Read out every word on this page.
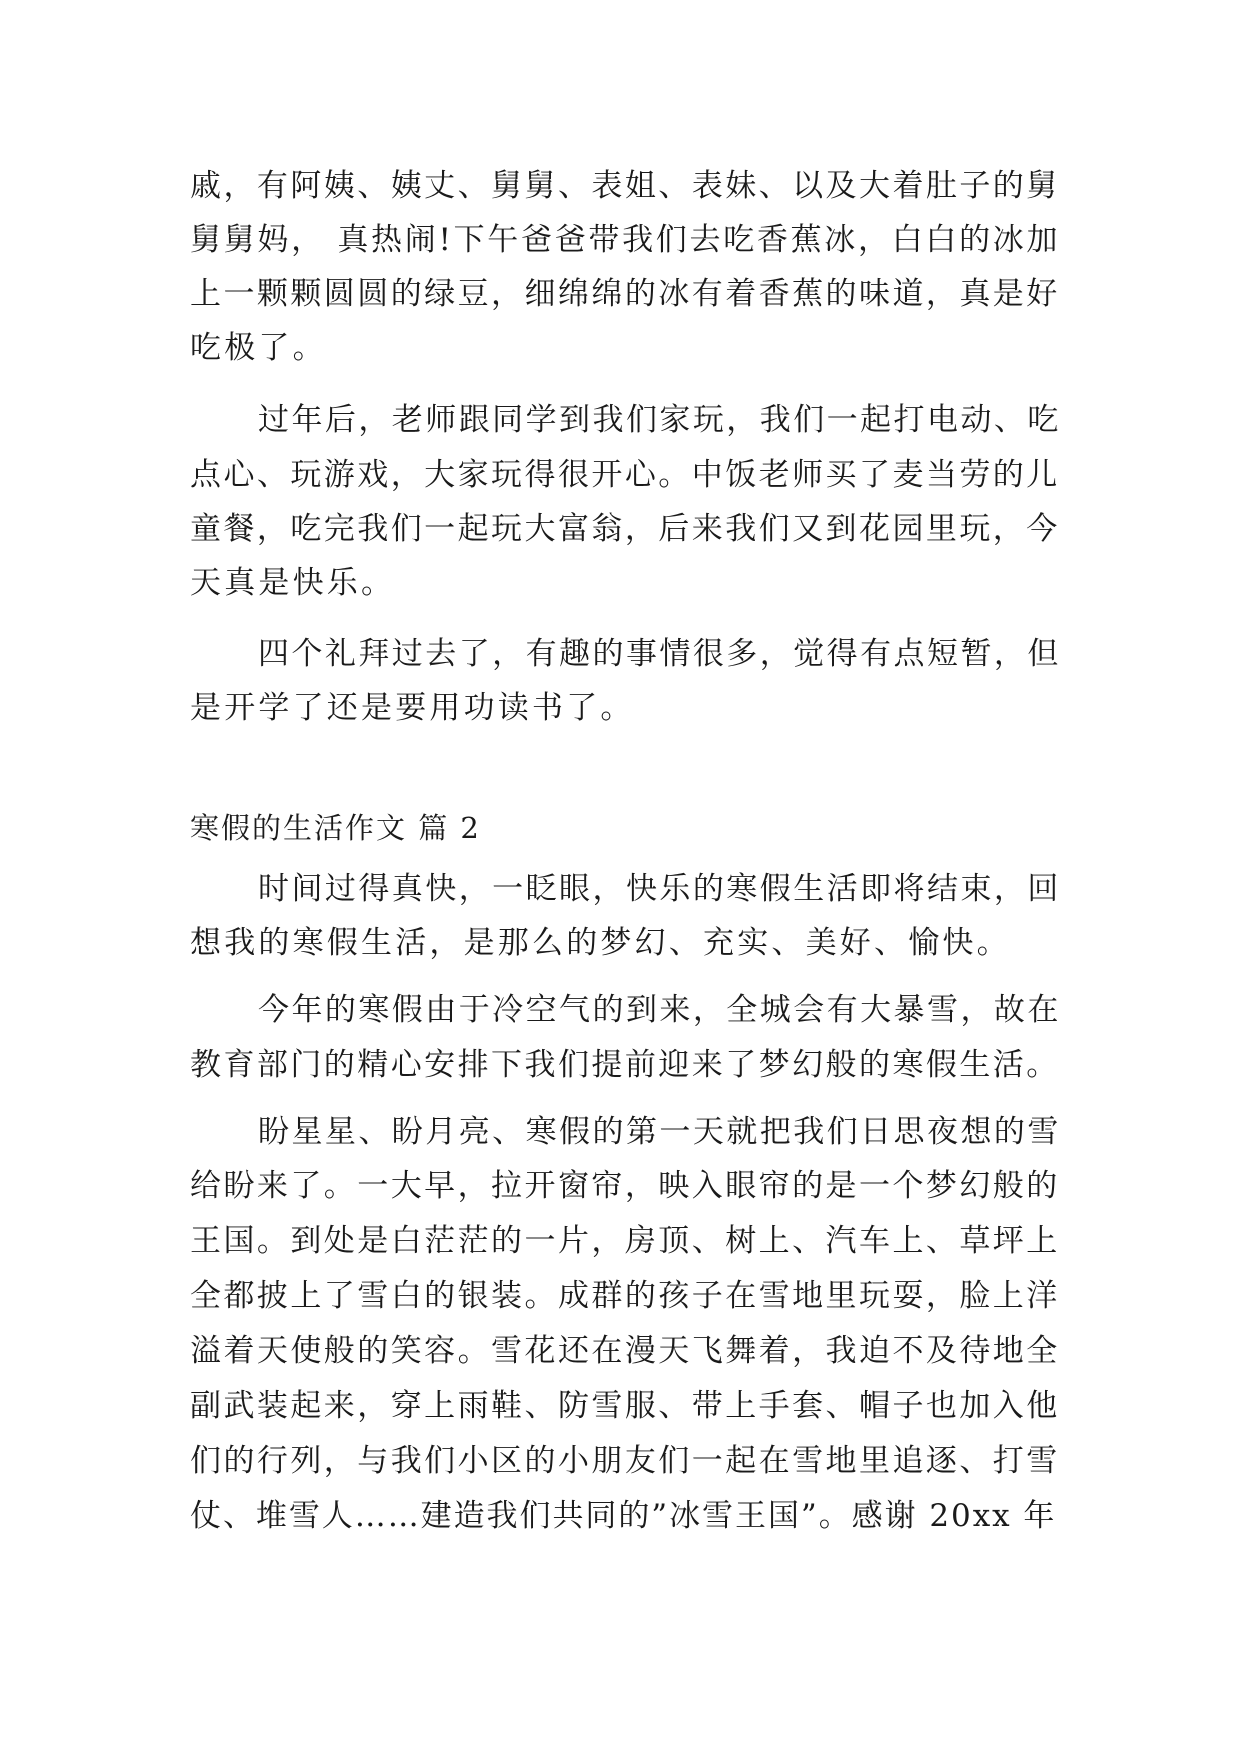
戚，有阿姨、姨丈、舅舅、表姐、表妹、以及大着肚子的舅
舅舅妈， 真热闹!下午爸爸带我们去吃香蕉冰，白白的冰加
上一颗颗圆圆的绿豆，细绵绵的冰有着香蕉的味道，真是好
吃极了。
过年后，老师跟同学到我们家玩，我们一起打电动、吃
点心、玩游戏，大家玩得很开心。中饭老师买了麦当劳的儿
童餐，吃完我们一起玩大富翁，后来我们又到花园里玩，今
天真是快乐。
四个礼拜过去了，有趣的事情很多，觉得有点短暂，但
是开学了还是要用功读书了。
寒假的生活作文 篇 2
时间过得真快，一眨眼，快乐的寒假生活即将结束，回
想我的寒假生活，是那么的梦幻、充实、美好、愉快。
今年的寒假由于冷空气的到来，全城会有大暴雪，故在
教育部门的精心安排下我们提前迎来了梦幻般的寒假生活。
盼星星、盼月亮、寒假的第一天就把我们日思夜想的雪
给盼来了。一大早，拉开窗帘，映入眼帘的是一个梦幻般的
王国。到处是白茫茫的一片，房顶、树上、汽车上、草坪上
全都披上了雪白的银装。成群的孩子在雪地里玩耍，脸上洋
溢着天使般的笑容。雪花还在漫天飞舞着，我迫不及待地全
副武装起来，穿上雨鞋、防雪服、带上手套、帽子也加入他
们的行列，与我们小区的小朋友们一起在雪地里追逐、打雪
仗、堆雪人……建造我们共同的”冰雪王国”。感谢 20xx 年
